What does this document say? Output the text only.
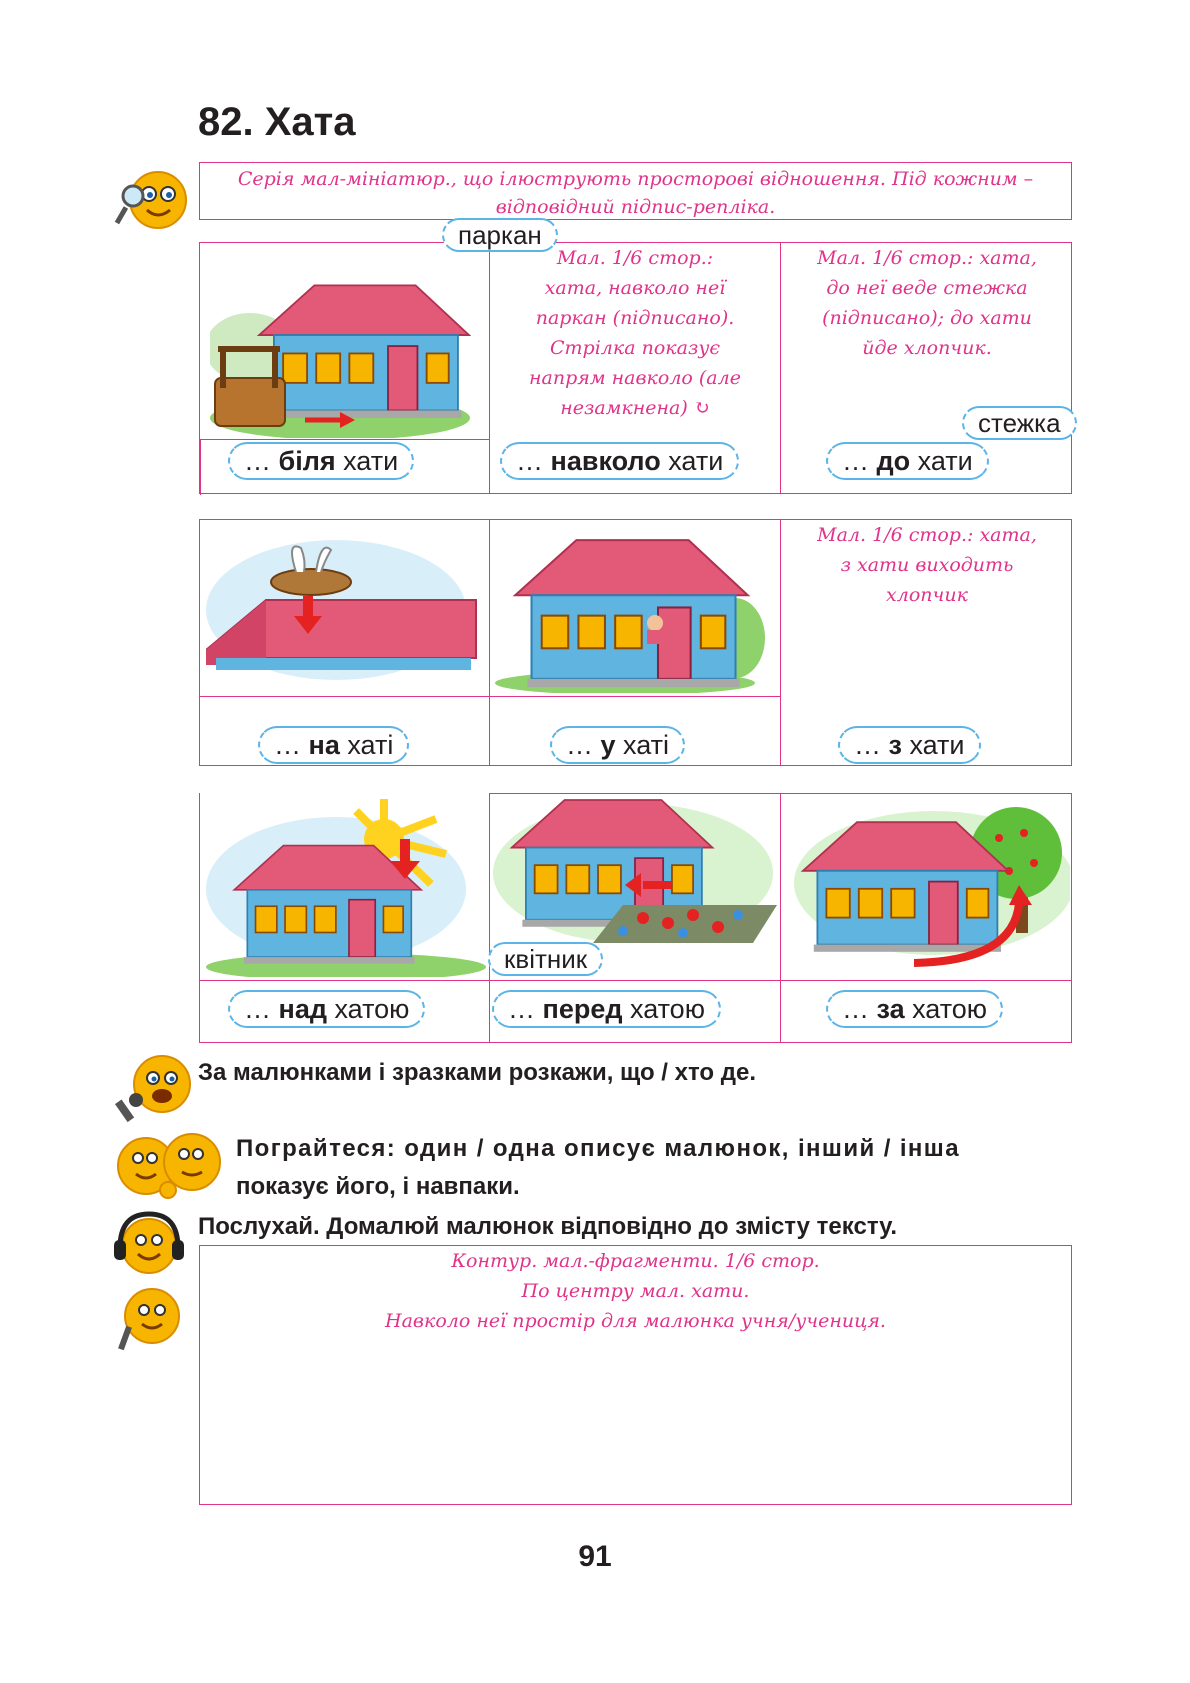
82. Хата
Серія мал-мініатюр., що ілюструють просторові відношення. Під кожним –
відповідний підпис-репліка.
Мал. 1/6 стор.:
хата, навколо неї
паркан (підписано).
Стрілка показує
напрям навколо (але
незамкнена) ↻
Мал. 1/6 стор.: хата,
до неї веде стежка
(підписано); до хати
йде хлопчик.
паркан
стежка
… біля хати	… навколо хати	… до хати
Мал. 1/6 стор.: хата,
з хати виходить
хлопчик
… на хаті	… у хаті	… з хати
квітник
… над хатою	… перед хатою	… за хатою
За малюнками і зразками розкажи, що / хто де.
Пограйтеся: один / одна описує малюнок, інший / інша
показує його, і навпаки.
Послухай. Домалюй малюнок відповідно до змісту тексту.
Контур. мал.-фрагменти. 1/6 стор.
По центру мал. хати.
Навколо неї простір для малюнка учня/учениця.
91
